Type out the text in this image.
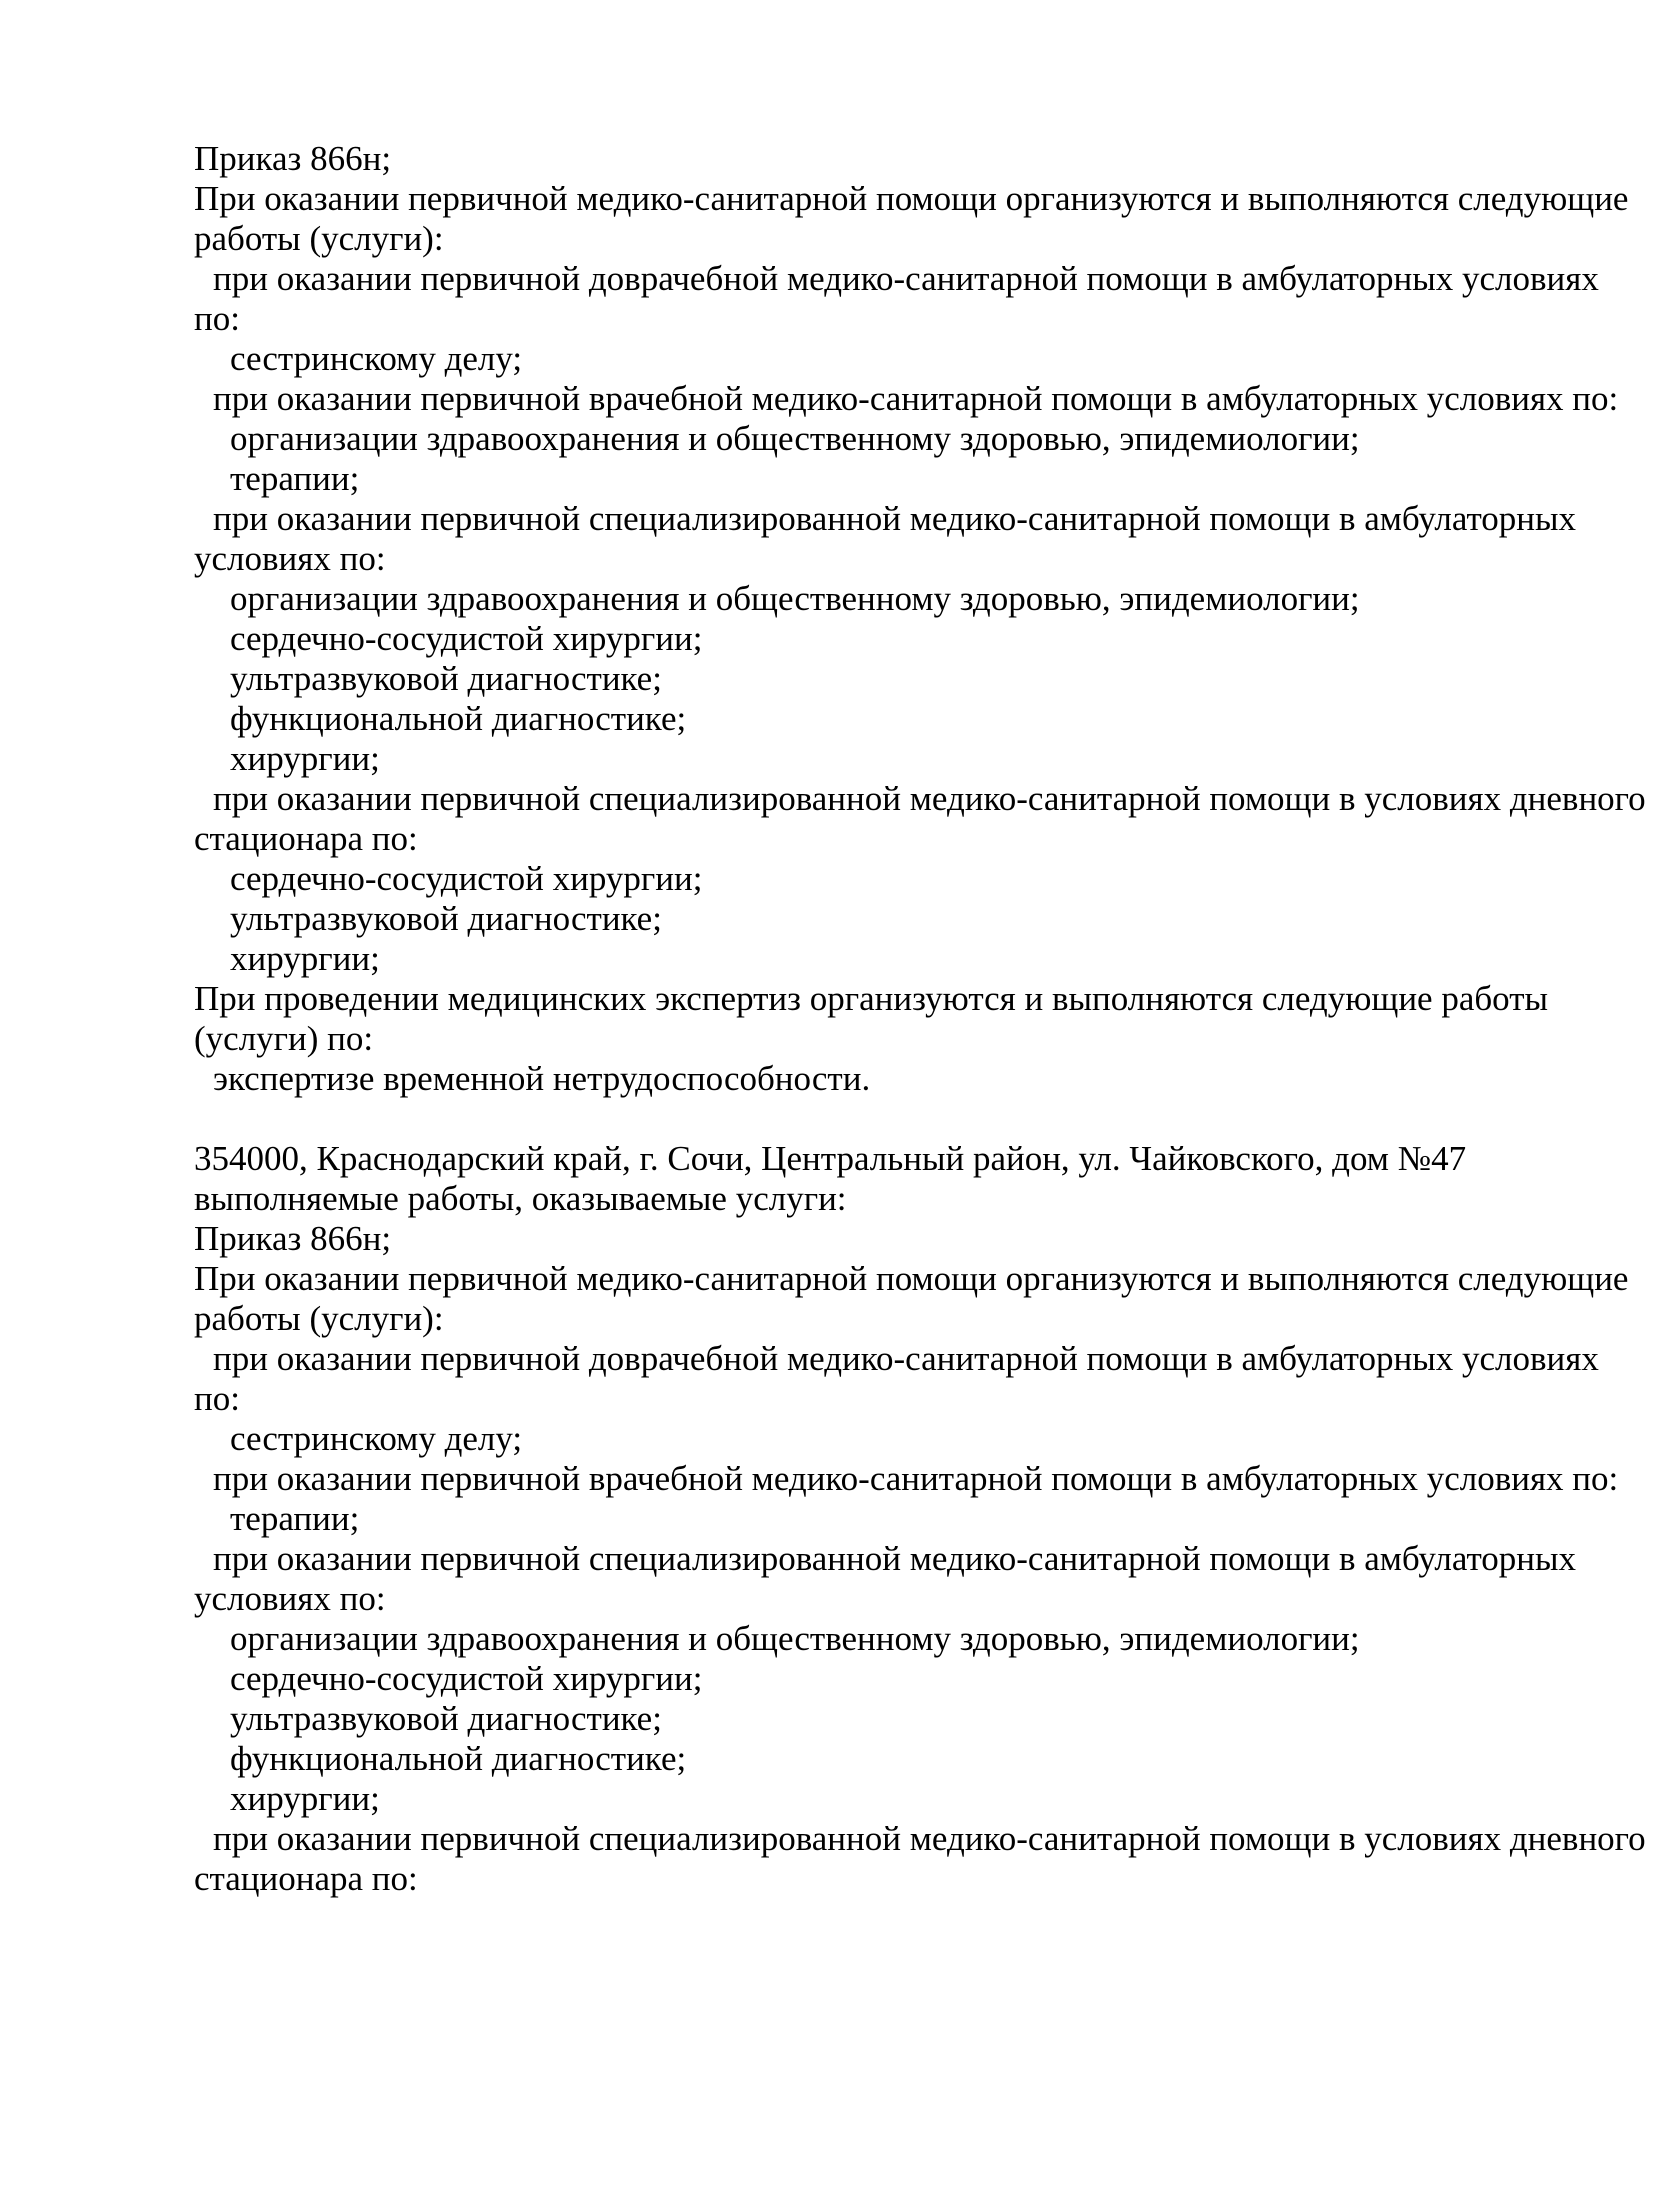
Приказ 866н;
При оказании первичной медико-санитарной помощи организуются и выполняются следующие
работы (услуги):
при оказании первичной доврачебной медико-санитарной помощи в амбулаторных условиях
по:
сестринскому делу;
при оказании первичной врачебной медико-санитарной помощи в амбулаторных условиях по:
организации здравоохранения и общественному здоровью, эпидемиологии;
терапии;
при оказании первичной специализированной медико-санитарной помощи в амбулаторных
условиях по:
организации здравоохранения и общественному здоровью, эпидемиологии;
сердечно-сосудистой хирургии;
ультразвуковой диагностике;
функциональной диагностике;
хирургии;
при оказании первичной специализированной медико-санитарной помощи в условиях дневного
стационара по:
сердечно-сосудистой хирургии;
ультразвуковой диагностике;
хирургии;
При проведении медицинских экспертиз организуются и выполняются следующие работы
(услуги) по:
экспертизе временной нетрудоспособности.

354000, Краснодарский край, г. Сочи, Центральный район, ул. Чайковского, дом №47
выполняемые работы, оказываемые услуги:
Приказ 866н;
При оказании первичной медико-санитарной помощи организуются и выполняются следующие
работы (услуги):
при оказании первичной доврачебной медико-санитарной помощи в амбулаторных условиях
по:
сестринскому делу;
при оказании первичной врачебной медико-санитарной помощи в амбулаторных условиях по:
терапии;
при оказании первичной специализированной медико-санитарной помощи в амбулаторных
условиях по:
организации здравоохранения и общественному здоровью, эпидемиологии;
сердечно-сосудистой хирургии;
ультразвуковой диагностике;
функциональной диагностике;
хирургии;
при оказании первичной специализированной медико-санитарной помощи в условиях дневного
стационара по:
